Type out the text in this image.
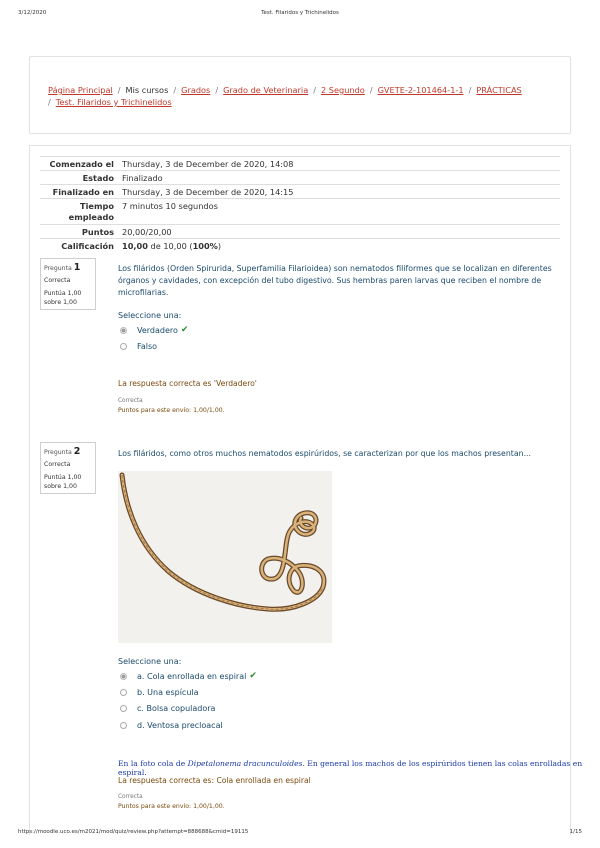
3/12/2020	Test. Filaridos y Trichinelidos
Página Principal / Mis cursos / Grados / Grado de Veterinaria / 2 Segundo / GVETE-2-101464-1-1 / PRÁCTICAS
/ Test. Filaridos y Trichinelidos
Comenzado el Thursday, 3 de December de 2020, 14:08
Estado Finalizado
Finalizado en Thursday, 3 de December de 2020, 14:15
Tiempo
empleado
7 minutos 10 segundos
Puntos 20,00/20,00
Calificación 10,00 de 10,00 (100%)
Pregunta 1
Correcta
Puntúa 1,00
sobre 1,00
Los filáridos (Orden Spirurida, Superfamilia Filarioidea) son nematodos filiformes que se localizan en diferentes órganos y cavidades, con excepción del tubo digestivo. Sus hembras paren larvas que reciben el nombre de microfilarias.
Seleccione una:
Verdadero ✔
Falso
La respuesta correcta es 'Verdadero'
Correcta
Puntos para este envío: 1,00/1,00.
Pregunta 2
Correcta
Puntúa 1,00
sobre 1,00
Los filáridos, como otros muchos nematodos espirúridos, se caracterizan por que los machos presentan...
Seleccione una:
a. Cola enrollada en espiral ✔
b. Una espícula
c. Bolsa copuladora
d. Ventosa precloacal
En la foto cola de Dipetalonema dracunculoides. En general los machos de los espirúridos tienen las colas enrolladas en espiral.
La respuesta correcta es: Cola enrollada en espiral
Correcta
Puntos para este envío: 1,00/1,00.
https://moodle.uco.es/m2021/mod/quiz/review.php?attempt=888688&cmid=19115	1/15
